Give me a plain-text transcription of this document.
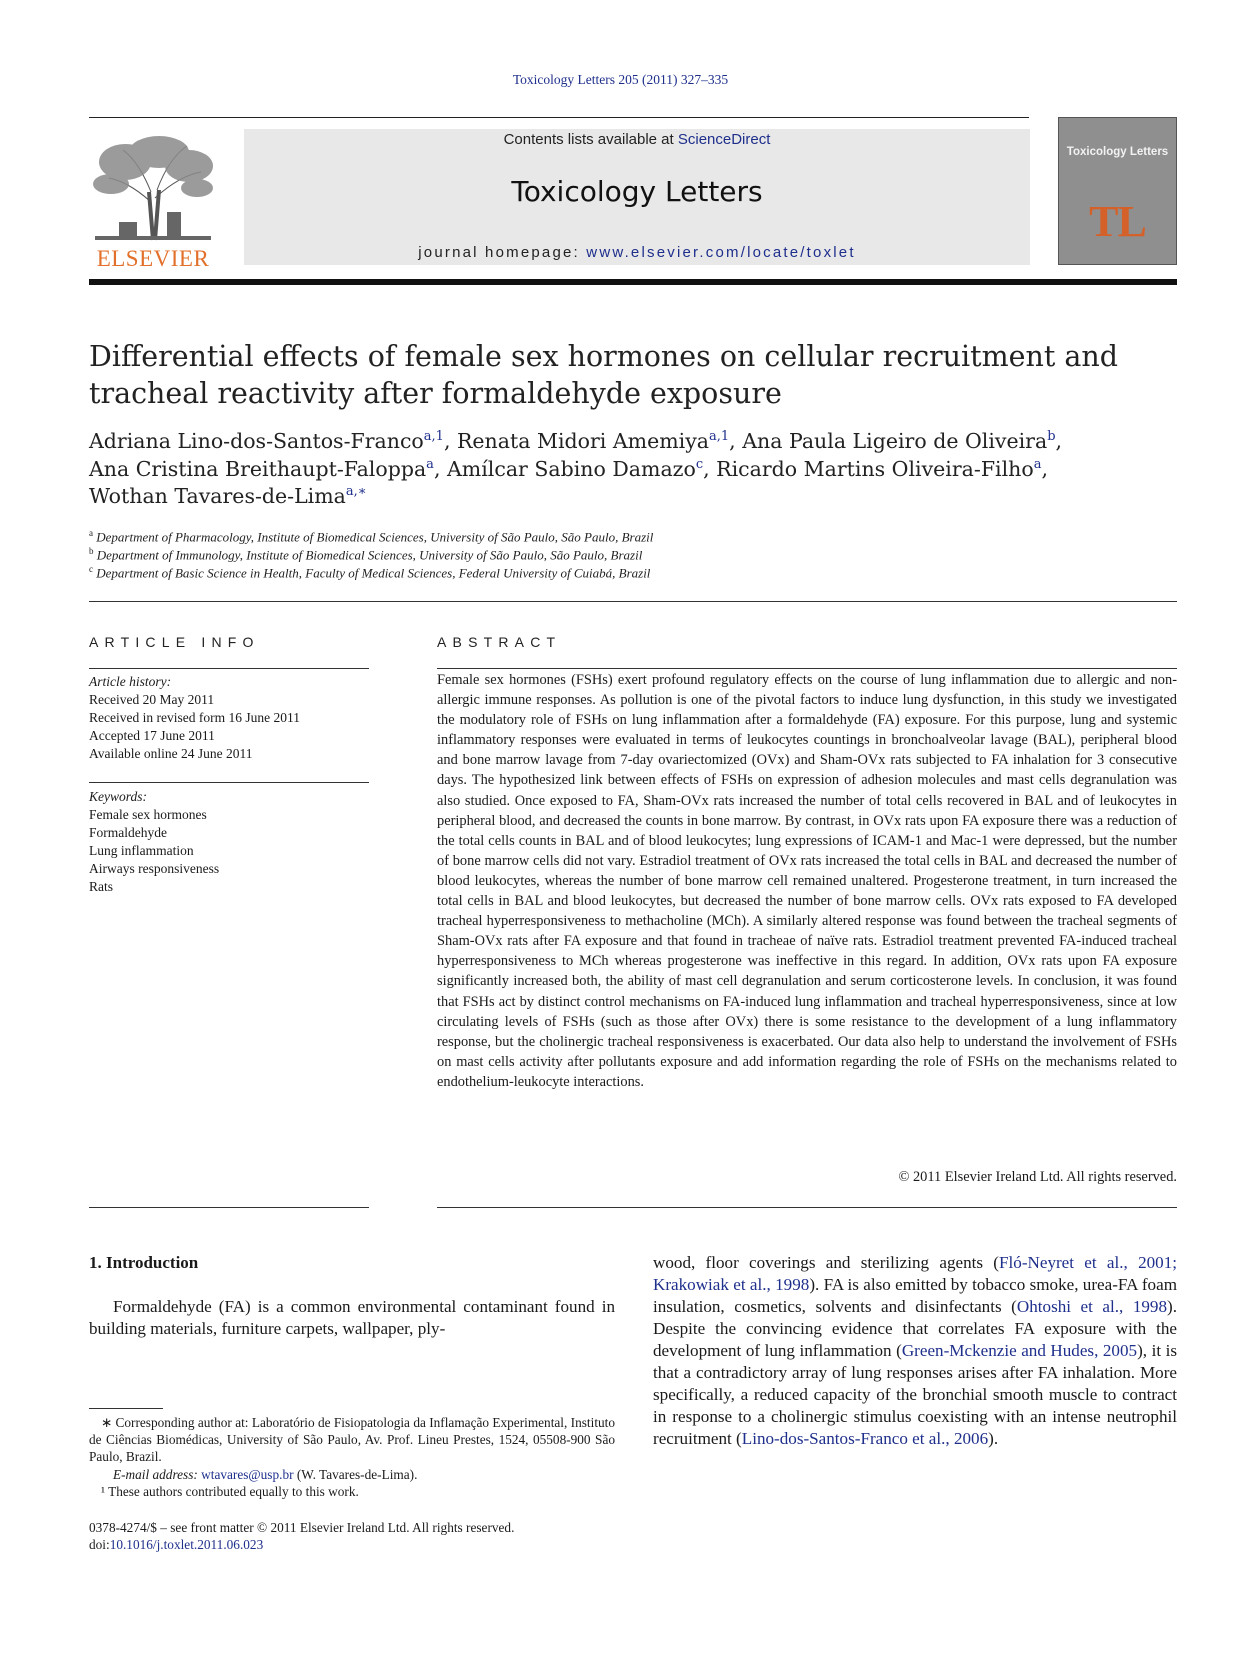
Toxicology Letters 205 (2011) 327–335
ELSEVIER
Contents lists available at ScienceDirect
Toxicology Letters
journal homepage: www.elsevier.com/locate/toxlet
Toxicology Letters
TL
Differential effects of female sex hormones on cellular recruitment and tracheal reactivity after formaldehyde exposure
Adriana Lino-dos-Santos-Franco$^{a,1}$, Renata Midori Amemiya$^{a,1}$, Ana Paula Ligeiro de Oliveira$^b$,
Ana Cristina Breithaupt-Faloppa$^a$, Amílcar Sabino Damazo$^c$, Ricardo Martins Oliveira-Filho$^a$,
Wothan Tavares-de-Lima$^{a,∗}$
$^a$ Department of Pharmacology, Institute of Biomedical Sciences, University of São Paulo, São Paulo, Brazil
$^b$ Department of Immunology, Institute of Biomedical Sciences, University of São Paulo, São Paulo, Brazil
$^c$ Department of Basic Science in Health, Faculty of Medical Sciences, Federal University of Cuiabá, Brazil
ARTICLE INFO
Article history:
Received 20 May 2011
Received in revised form 16 June 2011
Accepted 17 June 2011
Available online 24 June 2011
Keywords:
Female sex hormones
Formaldehyde
Lung inflammation
Airways responsiveness
Rats
ABSTRACT
Female sex hormones (FSHs) exert profound regulatory effects on the course of lung inflammation due to allergic and non-allergic immune responses. As pollution is one of the pivotal factors to induce lung dysfunction, in this study we investigated the modulatory role of FSHs on lung inflammation after a formaldehyde (FA) exposure. For this purpose, lung and systemic inflammatory responses were evaluated in terms of leukocytes countings in bronchoalveolar lavage (BAL), peripheral blood and bone marrow lavage from 7-day ovariectomized (OVx) and Sham-OVx rats subjected to FA inhalation for 3 consecutive days. The hypothesized link between effects of FSHs on expression of adhesion molecules and mast cells degranulation was also studied. Once exposed to FA, Sham-OVx rats increased the number of total cells recovered in BAL and of leukocytes in peripheral blood, and decreased the counts in bone marrow. By contrast, in OVx rats upon FA exposure there was a reduction of the total cells counts in BAL and of blood leukocytes; lung expressions of ICAM-1 and Mac-1 were depressed, but the number of bone marrow cells did not vary. Estradiol treatment of OVx rats increased the total cells in BAL and decreased the number of blood leukocytes, whereas the number of bone marrow cell remained unaltered. Progesterone treatment, in turn increased the total cells in BAL and blood leukocytes, but decreased the number of bone marrow cells. OVx rats exposed to FA developed tracheal hyperresponsiveness to methacholine (MCh). A similarly altered response was found between the tracheal segments of Sham-OVx rats after FA exposure and that found in tracheae of naïve rats. Estradiol treatment prevented FA-induced tracheal hyperresponsiveness to MCh whereas progesterone was ineffective in this regard. In addition, OVx rats upon FA exposure significantly increased both, the ability of mast cell degranulation and serum corticosterone levels. In conclusion, it was found that FSHs act by distinct control mechanisms on FA-induced lung inflammation and tracheal hyperresponsiveness, since at low circulating levels of FSHs (such as those after OVx) there is some resistance to the development of a lung inflammatory response, but the cholinergic tracheal responsiveness is exacerbated. Our data also help to understand the involvement of FSHs on mast cells activity after pollutants exposure and add information regarding the role of FSHs on the mechanisms related to endothelium-leukocyte interactions.
© 2011 Elsevier Ireland Ltd. All rights reserved.
1. Introduction
Formaldehyde (FA) is a common environmental contaminant found in building materials, furniture carpets, wallpaper, ply-
wood, floor coverings and sterilizing agents (Fló-Neyret et al., 2001; Krakowiak et al., 1998). FA is also emitted by tobacco smoke, urea-FA foam insulation, cosmetics, solvents and disinfectants (Ohtoshi et al., 1998). Despite the convincing evidence that correlates FA exposure with the development of lung inflammation (Green-Mckenzie and Hudes, 2005), it is that a contradictory array of lung responses arises after FA inhalation. More specifically, a reduced capacity of the bronchial smooth muscle to contract in response to a cholinergic stimulus coexisting with an intense neutrophil recruitment (Lino-dos-Santos-Franco et al., 2006).
∗ Corresponding author at: Laboratório de Fisiopatologia da Inflamação Experimental, Instituto de Ciências Biomédicas, University of São Paulo, Av. Prof. Lineu Prestes, 1524, 05508-900 São Paulo, Brazil.
E-mail address: wtavares@usp.br (W. Tavares-de-Lima).
¹ These authors contributed equally to this work.
0378-4274/$ – see front matter © 2011 Elsevier Ireland Ltd. All rights reserved.
doi:10.1016/j.toxlet.2011.06.023
